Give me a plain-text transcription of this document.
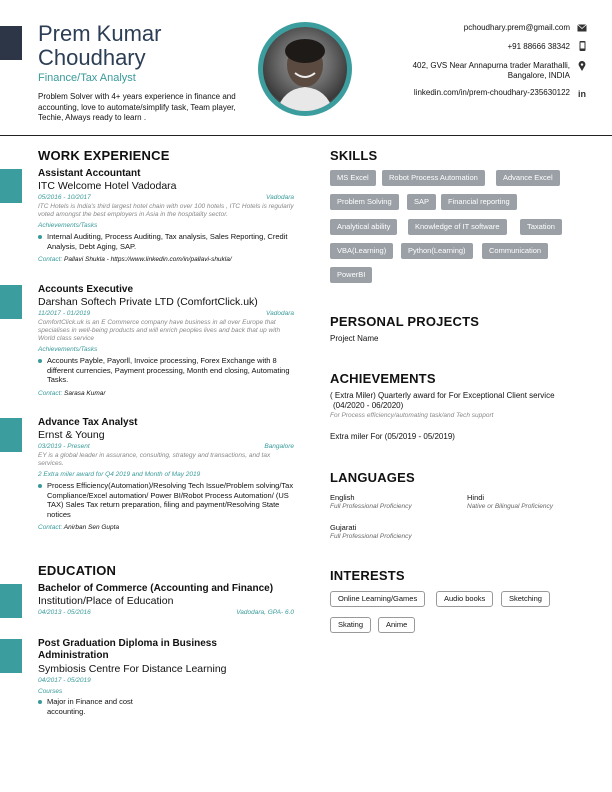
Prem Kumar
Choudhary
Finance/Tax Analyst
Problem Solver with 4+ years experience in finance and accounting, love to automate/simplify task, Team player, Techie, Always ready to learn .
pchoudhary.prem@gmail.com
+91 88666 38342
402, GVS Near Annapurna trader Marathalli,
Bangalore, INDIA
linkedin.com/in/prem-choudhary-235630122 in
WORK EXPERIENCE
Assistant Accountant
ITC Welcome Hotel Vadodara
05/2016 - 10/2017	Vadodara
ITC Hotels is India's third largest hotel chain with over 100 hotels , ITC Hotels is regularly voted amongst the best employers in Asia in the hospitality sector.
Achievements/Tasks
Internal Auditing, Process Auditing, Tax analysis, Sales Reporting, Credit Analysis, Debt Aging, SAP.
Contact: Pallavi Shukla - https://www.linkedin.com/in/pallavi-shukla/
Accounts Executive
Darshan Softech Private LTD (ComfortClick.uk)
11/2017 - 01/2019	Vadodara
ComfortClick.uk is an E Commerce company have business in all over Europe that specialises in well-being products and will enrich peoples lives and back that up with World class service
Achievements/Tasks
Accounts Payble, Payorll, Invoice processing, Forex Exchange with 8 different currencies, Payment processing, Month end closing, Automating Tasks.
Contact: Sarasa Kumar
Advance Tax Analyst
Ernst & Young
03/2019 - Present	Bangalore
EY is a global leader in assurance, consulting, strategy and transactions, and tax services.
2 Extra miler award for Q4 2019 and Month of May 2019
Process Efficiency(Automation)/Resolving Tech Issue/Problem solving/Tax Compliance/Excel automation/ Power BI/Robot Process Automation/ (US TAX) Sales Tax return preparation, filing and payment/Resolving State notices
Contact: Anirban Sen Gupta
EDUCATION
Bachelor of Commerce (Accounting and Finance)
Institution/Place of Education
04/2013 - 05/2016	Vadodara, GPA- 6.0
Post Graduation Diploma in Business
Administration
Symbiosis Centre For Distance Learning
04/2017 - 05/2019
Courses
Major in Finance and cost
accounting.
SKILLS
MS Excel	Robot Process Automation	Advance Excel
Problem Solving	SAP	Financial reporting
Analytical ability	Knowledge of IT software	Taxation
VBA(Learning)	Python(Learning)	Communication
PowerBI
PERSONAL PROJECTS
Project Name
ACHIEVEMENTS
( Extra Miler) Quarterly award for For Exceptional Client service
(04/2020 - 06/2020)
For Process efficiency/automating task/and Tech support
Extra miler For (05/2019 - 05/2019)
LANGUAGES
English
Full Professional Proficiency
Hindi
Native or Bilingual Proficiency
Gujarati
Full Professional Proficiency
INTERESTS
Online Learning/Games	Audio books	Sketching
Skating	Anime
